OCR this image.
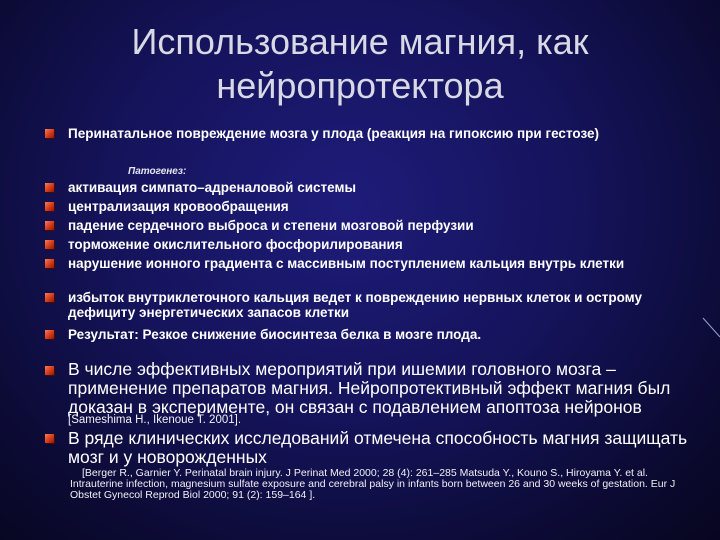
Использование магния, как нейропротектора
Перинатальное повреждение мозга у плода (реакция на гипоксию при гестозе)
Патогенез:
активация симпато–адреналовой системы
централизация кровообращения
падение сердечного выброса и степени мозговой перфузии
торможение окислительного фосфорилирования
нарушение ионного градиента с массивным поступлением кальция внутрь клетки
избыток внутриклеточного кальция ведет к повреждению нервных клеток и острому дефициту энергетических запасов клетки
Результат: Резкое снижение биосинтеза белка в мозге плода.
В числе эффективных мероприятий при ишемии головного мозга – применение препаратов магния. Нейропротективный эффект магния был доказан в эксперименте, он связан с подавлением апоптоза нейронов
[Sameshima H., Ikenoue T. 2001].
В ряде клинических исследований отмечена способность магния защищать мозг и у новорожденных
[Berger R., Garnier Y. Perinatal brain injury. J Perinat Med 2000; 28 (4): 261–285 Matsuda Y., Kouno S., Hiroyama Y. et al. Intrauterine infection, magnesium sulfate exposure and cerebral palsy in infants born between 26 and 30 weeks of gestation. Eur J Obstet Gynecol Reprod Biol 2000; 91 (2): 159–164 ].
